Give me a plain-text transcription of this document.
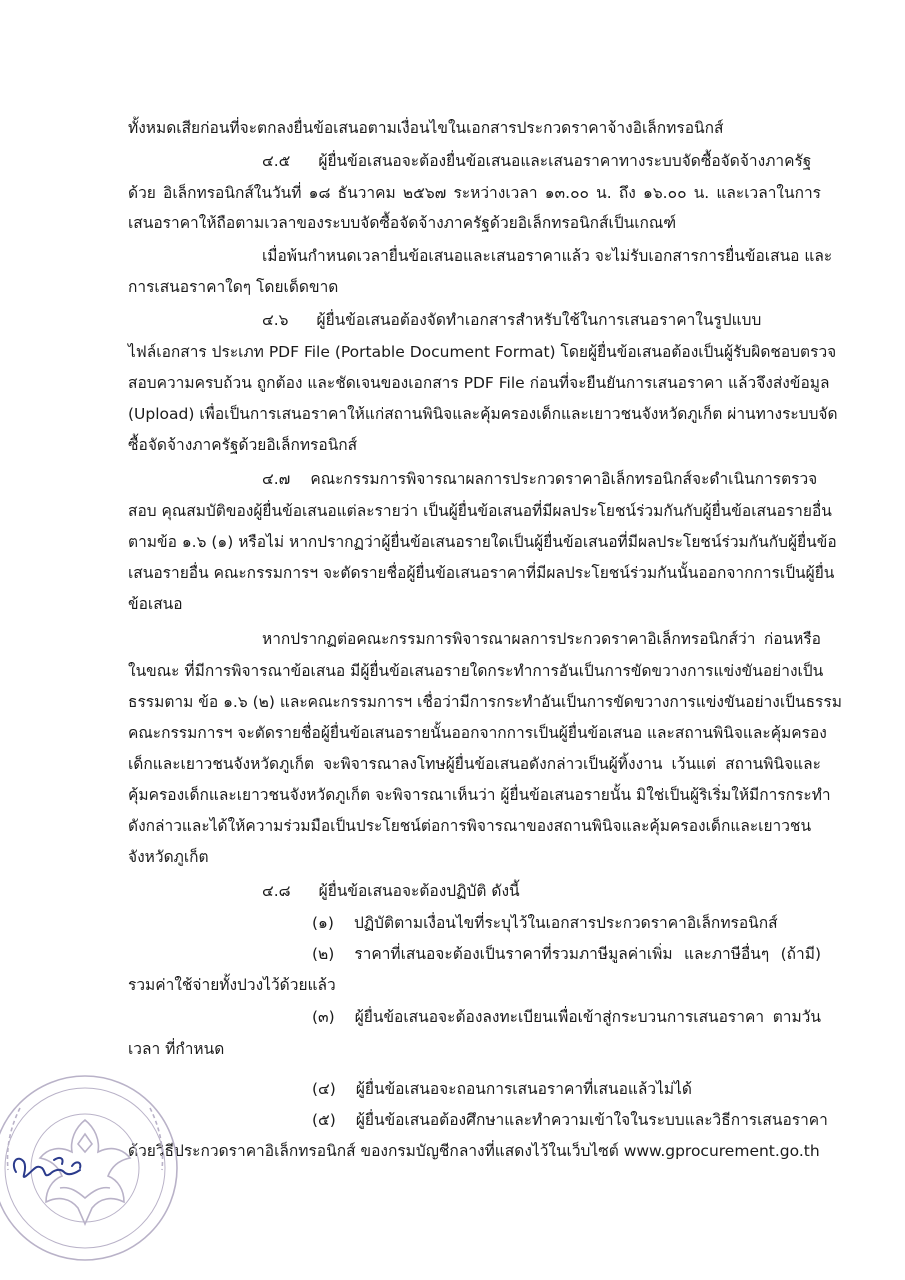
ทั้งหมดเสียก่อนที่จะตกลงยื่นข้อเสนอตามเงื่อนไขในเอกสารประกวดราคาจ้างอิเล็กทรอนิกส์
๔.๕ ผู้ยื่นข้อเสนอจะต้องยื่นข้อเสนอและเสนอราคาทางระบบจัดซื้อจัดจ้างภาครัฐ
ด้วย อิเล็กทรอนิกส์ในวันที่ ๑๘ ธันวาคม ๒๕๖๗ ระหว่างเวลา ๑๓.๐๐ น. ถึง ๑๖.๐๐ น. และเวลาในการ
เสนอราคาให้ถือตามเวลาของระบบจัดซื้อจัดจ้างภาครัฐด้วยอิเล็กทรอนิกส์เป็นเกณฑ์
เมื่อพ้นกำหนดเวลายื่นข้อเสนอและเสนอราคาแล้ว จะไม่รับเอกสารการยื่นข้อเสนอ และ
การเสนอราคาใดๆ โดยเด็ดขาด
๔.๖ ผู้ยื่นข้อเสนอต้องจัดทำเอกสารสำหรับใช้ในการเสนอราคาในรูปแบบ
ไฟล์เอกสาร ประเภท PDF File (Portable Document Format) โดยผู้ยื่นข้อเสนอต้องเป็นผู้รับผิดชอบตรวจ
สอบความครบถ้วน ถูกต้อง และชัดเจนของเอกสาร PDF File ก่อนที่จะยืนยันการเสนอราคา แล้วจึงส่งข้อมูล
(Upload) เพื่อเป็นการเสนอราคาให้แก่สถานพินิจและคุ้มครองเด็กและเยาวชนจังหวัดภูเก็ต ผ่านทางระบบจัด
ซื้อจัดจ้างภาครัฐด้วยอิเล็กทรอนิกส์
๔.๗ คณะกรรมการพิจารณาผลการประกวดราคาอิเล็กทรอนิกส์จะดำเนินการตรวจ
สอบ คุณสมบัติของผู้ยื่นข้อเสนอแต่ละรายว่า เป็นผู้ยื่นข้อเสนอที่มีผลประโยชน์ร่วมกันกับผู้ยื่นข้อเสนอรายอื่น
ตามข้อ ๑.๖ (๑) หรือไม่ หากปรากฏว่าผู้ยื่นข้อเสนอรายใดเป็นผู้ยื่นข้อเสนอที่มีผลประโยชน์ร่วมกันกับผู้ยื่นข้อ
เสนอรายอื่น คณะกรรมการฯ จะตัดรายชื่อผู้ยื่นข้อเสนอราคาที่มีผลประโยชน์ร่วมกันนั้นออกจากการเป็นผู้ยื่น
ข้อเสนอ
หากปรากฏต่อคณะกรรมการพิจารณาผลการประกวดราคาอิเล็กทรอนิกส์ว่า ก่อนหรือ
ในขณะ ที่มีการพิจารณาข้อเสนอ มีผู้ยื่นข้อเสนอรายใดกระทำการอันเป็นการขัดขวางการแข่งขันอย่างเป็น
ธรรมตาม ข้อ ๑.๖ (๒) และคณะกรรมการฯ เชื่อว่ามีการกระทำอันเป็นการขัดขวางการแข่งขันอย่างเป็นธรรม
คณะกรรมการฯ จะตัดรายชื่อผู้ยื่นข้อเสนอรายนั้นออกจากการเป็นผู้ยื่นข้อเสนอ และสถานพินิจและคุ้มครอง
เด็กและเยาวชนจังหวัดภูเก็ต จะพิจารณาลงโทษผู้ยื่นข้อเสนอดังกล่าวเป็นผู้ทิ้งงาน เว้นแต่ สถานพินิจและ
คุ้มครองเด็กและเยาวชนจังหวัดภูเก็ต จะพิจารณาเห็นว่า ผู้ยื่นข้อเสนอรายนั้น มิใช่เป็นผู้ริเริ่มให้มีการกระทำ
ดังกล่าวและได้ให้ความร่วมมือเป็นประโยชน์ต่อการพิจารณาของสถานพินิจและคุ้มครองเด็กและเยาวชน
จังหวัดภูเก็ต
๔.๘ ผู้ยื่นข้อเสนอจะต้องปฏิบัติ ดังนี้
(๑) ปฏิบัติตามเงื่อนไขที่ระบุไว้ในเอกสารประกวดราคาอิเล็กทรอนิกส์
(๒) ราคาที่เสนอจะต้องเป็นราคาที่รวมภาษีมูลค่าเพิ่ม และภาษีอื่นๆ (ถ้ามี)
รวมค่าใช้จ่ายทั้งปวงไว้ด้วยแล้ว
(๓) ผู้ยื่นข้อเสนอจะต้องลงทะเบียนเพื่อเข้าสู่กระบวนการเสนอราคา ตามวัน
เวลา ที่กำหนด
(๔) ผู้ยื่นข้อเสนอจะถอนการเสนอราคาที่เสนอแล้วไม่ได้
(๕) ผู้ยื่นข้อเสนอต้องศึกษาและทำความเข้าใจในระบบและวิธีการเสนอราคา
ด้วยวิธีประกวดราคาอิเล็กทรอนิกส์ ของกรมบัญชีกลางที่แสดงไว้ในเว็บไซต์ www.gprocurement.go.th
